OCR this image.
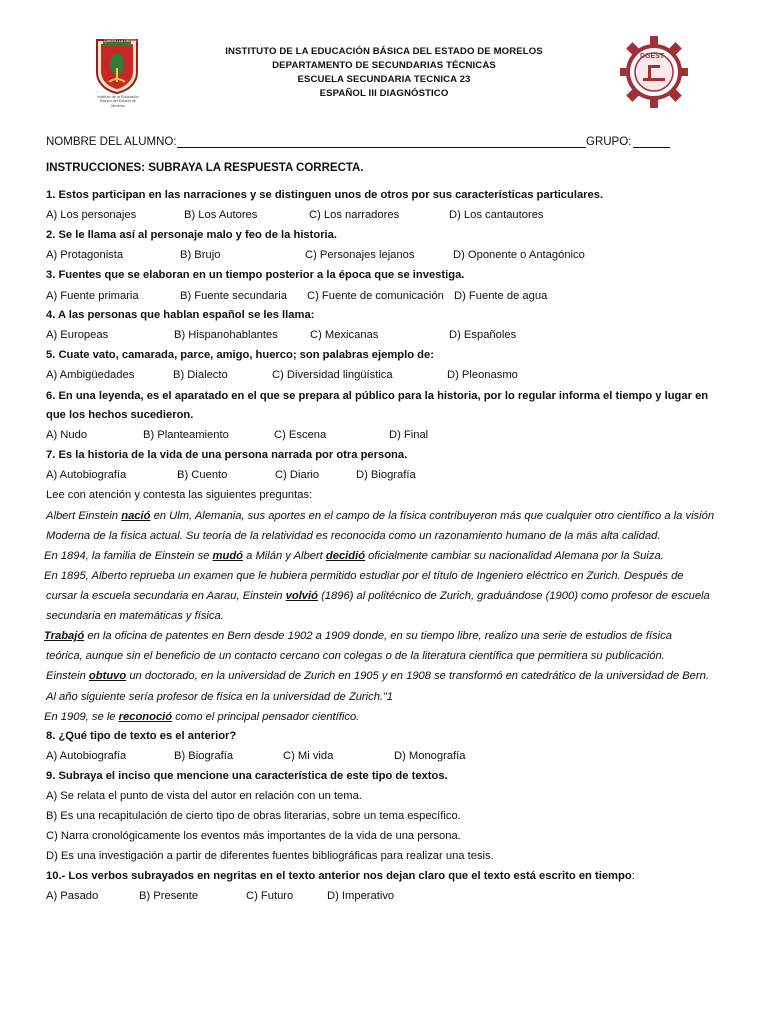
QUIERO LA TIERRA
Instituto de la Educación Básica del Estado de Morelos
DGEST
INSTITUTO DE LA EDUCACIÓN BÁSICA DEL ESTADO DE MORELOS
DEPARTAMENTO DE SECUNDARIAS TÉCNICAS
ESCUELA SECUNDARIA TECNICA 23
ESPAÑOL III DIAGNÓSTICO
NOMBRE DEL ALUMNO:	GRUPO:
INSTRUCCIONES: SUBRAYA LA RESPUESTA CORRECTA.
1. Estos participan en las narraciones y se distinguen unos de otros por sus características particulares.
A) Los personajes	B) Los Autores	C) Los narradores	D) Los cantautores
2. Se le llama así al personaje malo y feo de la historia.
A) Protagonista	B) Brujo	C) Personajes lejanos	D) Oponente o Antagónico
3. Fuentes que se elaboran en un tiempo posterior a la época que se investiga.
A) Fuente primaria	B) Fuente secundaria C) Fuente de comunicación D) Fuente de agua
4. A las personas que hablan español se les llama:
A) Europeas	B) Hispanohablantes	C) Mexicanas	D) Españoles
5. Cuate vato, camarada, parce, amigo, huerco; son palabras ejemplo de:
A) Ambigüedades	B) Dialecto	C) Diversidad lingüística	D) Pleonasmo
6. En una leyenda, es el aparatado en el que se prepara al público para la historia, por lo regular informa el tiempo y lugar en
que los hechos sucedieron.
A) Nudo	B) Planteamiento	C) Escena	D) Final
7. Es la historia de la vida de una persona narrada por otra persona.
A) Autobiografía	B) Cuento	C) Diario	D) Biografía
Lee con atención y contesta las siguientes preguntas:
Albert Einstein nació en Ulm, Alemania, sus aportes en el campo de la física contribuyeron más que cualquier otro científico a la visión
Moderna de la física actual. Su teoría de la relatividad es reconocida como un razonamiento humano de la más alta calidad.
En 1894, la familia de Einstein se mudó a Milán y Albert decidió oficialmente cambiar su nacionalidad Alemana por la Suiza.
En 1895, Alberto reprueba un examen que le hubiera permitido estudiar por el título de Ingeniero eléctrico en Zurich. Después de
cursar la escuela secundaria en Aarau, Einstein volvió (1896) al politécnico de Zurich, graduándose (1900) como profesor de escuela
secundaria en matemáticas y física.
Trabajó en la oficina de patentes en Bern desde 1902 a 1909 donde, en su tiempo libre, realizo una serie de estudios de física
teórica, aunque sin el beneficio de un contacto cercano con colegas o de la literatura científica que permitiera su publicación.
Einstein obtuvo un doctorado, en la universidad de Zurich en 1905 y en 1908 se transformó en catedrático de la universidad de Bern.
Al año siguiente sería profesor de física en la universidad de Zurich.”1
En 1909, se le reconoció como el principal pensador científico.
8. ¿Qué tipo de texto es el anterior?
A) Autobiografía	B) Biografía	C) Mi vida	D) Monografía
9. Subraya el inciso que mencione una característica de este tipo de textos.
A) Se relata el punto de vista del autor en relación con un tema.
B) Es una recapitulación de cierto tipo de obras literarias, sobre un tema específico.
C) Narra cronológicamente los eventos más importantes de la vida de una persona.
D) Es una investigación a partir de diferentes fuentes bibliográficas para realizar una tesis.
10.- Los verbos subrayados en negritas en el texto anterior nos dejan claro que el texto está escrito en tiempo:
A) Pasado	B) Presente	C) Futuro	D) Imperativo
